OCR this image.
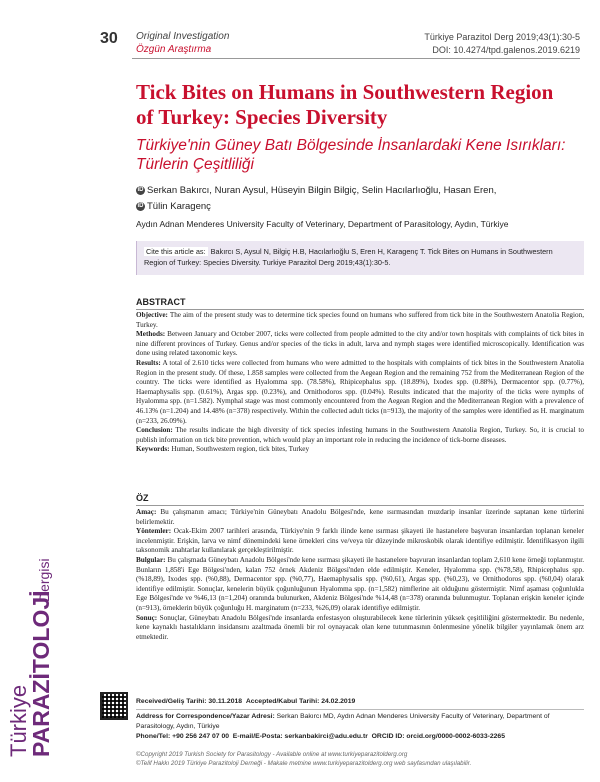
Türkiye
PARAZİTOLOJİ
Dergisi
30 Original Investigation
Özgün Araştırma
Türkiye Parazitol Derg 2019;43(1):30-5
DOI: 10.4274/tpd.galenos.2019.6219
Tick Bites on Humans in Southwestern Region of Turkey: Species Diversity
Türkiye'nin Güney Batı Bölgesinde İnsanlardaki Kene Isırıkları: Türlerin Çeşitliliği
iD Serkan Bakırcı, Nuran Aysul, Hüseyin Bilgin Bilgiç, Selin Hacılarlıoğlu, Hasan Eren,
iD Tülin Karagenç
Aydın Adnan Menderes University Faculty of Veterinary, Department of Parasitology, Aydın, Türkiye
Cite this article as: Bakırcı S, Aysul N, Bilgiç H.B, Hacılarlıoğlu S, Eren H, Karagenç T. Tick Bites on Humans in Southwestern Region of Turkey: Species Diversity. Turkiye Parazitol Derg 2019;43(1):30-5.
ABSTRACT

Objective: The aim of the present study was to determine tick species found on humans who suffered from tick bite in the Southwestern Anatolia Region, Turkey.

Methods: Between January and October 2007, ticks were collected from people admitted to the city and/or town hospitals with complaints of tick bites in nine different provinces of Turkey. Genus and/or species of the ticks in adult, larva and nymph stages were identified microscopically. Identification was done using related taxonomic keys.

Results: A total of 2.610 ticks were collected from humans who were admitted to the hospitals with complaints of tick bites in the Southwestern Anatolia Region in the present study. Of these, 1.858 samples were collected from the Aegean Region and the remaining 752 from the Mediterranean Region of the country. The ticks were identified as Hyalomma spp. (78.58%), Rhipicephalus spp. (18.89%), Ixodes spp. (0.88%), Dermacentor spp. (0.77%), Haemaphysalis spp. (0.61%), Argas spp. (0.23%), and Ornithodoros spp. (0.04%). Results indicated that the majority of the ticks were nymphs of Hyalomma spp. (n=1.582). Nymphal stage was most commonly encountered from the Aegean Region and the Mediterranean Region with a prevalence of 46.13% (n=1.204) and 14.48% (n=378) respectively. Within the collected adult ticks (n=913), the majority of the samples were identified as H. marginatum (n=233, 26.09%).

Conclusion: The results indicate the high diversity of tick species infesting humans in the Southwestern Anatolia Region, Turkey. So, it is crucial to publish information on tick bite prevention, which would play an important role in reducing the incidence of tick-borne diseases.

Keywords: Human, Southwestern region, tick bites, Turkey

ÖZ

Amaç: Bu çalışmanın amacı; Türkiye'nin Güneybatı Anadolu Bölgesi'nde, kene ısırmasından muzdarip insanlar üzerinde saptanan kene türlerini belirlemektir.

Yöntemler: Ocak-Ekim 2007 tarihleri arasında, Türkiye'nin 9 farklı ilinde kene ısırması şikayeti ile hastanelere başvuran insanlardan toplanan keneler incelenmiştir. Erişkin, larva ve nimf dönemindeki kene örnekleri cins ve/veya tür düzeyinde mikroskobik olarak identifiye edilmiştir. İdentifikasyon ilgili taksonomik anahtarlar kullanılarak gerçekleştirilmiştir.

Bulgular: Bu çalışmada Güneybatı Anadolu Bölgesi'nde kene ısırması şikayeti ile hastanelere başvuran insanlardan toplam 2,610 kene örneği toplanmıştır. Bunların 1,858'i Ege Bölgesi'nden, kalan 752 örnek Akdeniz Bölgesi'nden elde edilmiştir. Keneler, Hyalomma spp. (%78,58), Rhipicephalus spp. (%18,89), Ixodes spp. (%0,88), Dermacentor spp. (%0,77), Haemaphysalis spp. (%0,61), Argas spp. (%0,23), ve Ornithodoros spp. (%0,04) olarak identifiye edilmiştir. Sonuçlar, kenelerin büyük çoğunluğunun Hyalomma spp. (n=1,582) nimflerine ait olduğunu göstermiştir. Nimf aşaması çoğunlukla Ege Bölgesi'nde ve %46,13 (n=1,204) oranında bulunurken, Akdeniz Bölgesi'nde %14,48 (n=378) oranında bulunmuştur. Toplanan erişkin keneler içinde (n=913), örneklerin büyük çoğunluğu H. marginatum (n=233, %26,09) olarak identifiye edilmiştir.

Sonuç: Sonuçlar, Güneybatı Anadolu Bölgesi'nde insanlarda enfestasyon oluşturabilecek kene türlerinin yüksek çeşitliliğini göstermektedir. Bu nedenle, kene kaynaklı hastalıkların insidansını azaltmada önemli bir rol oynayacak olan kene tutunmasının önlenmesine yönelik bilgiler yayınlamak önem arz etmektedir.

Received/Geliş Tarihi: 30.11.2018 Accepted/Kabul Tarihi: 24.02.2019
Address for Correspondence/Yazar Adresi: Serkan Bakırcı MD, Aydın Adnan Menderes University Faculty of Veterinary, Department of Parasitology, Aydın, Türkiye
Phone/Tel: +90 256 247 07 00 E-mail/E-Posta: serkanbakirci@adu.edu.tr ORCID ID: orcid.org/0000-0002-6033-2265
©Copyright 2019 Turkish Society for Parasitology - Available online at www.turkiyeparazitolderg.org
©Telif Hakkı 2019 Türkiye Parazitoloji Derneği - Makale metnine www.turkiyeparazitolderg.org web sayfasından ulaşılabilir.
